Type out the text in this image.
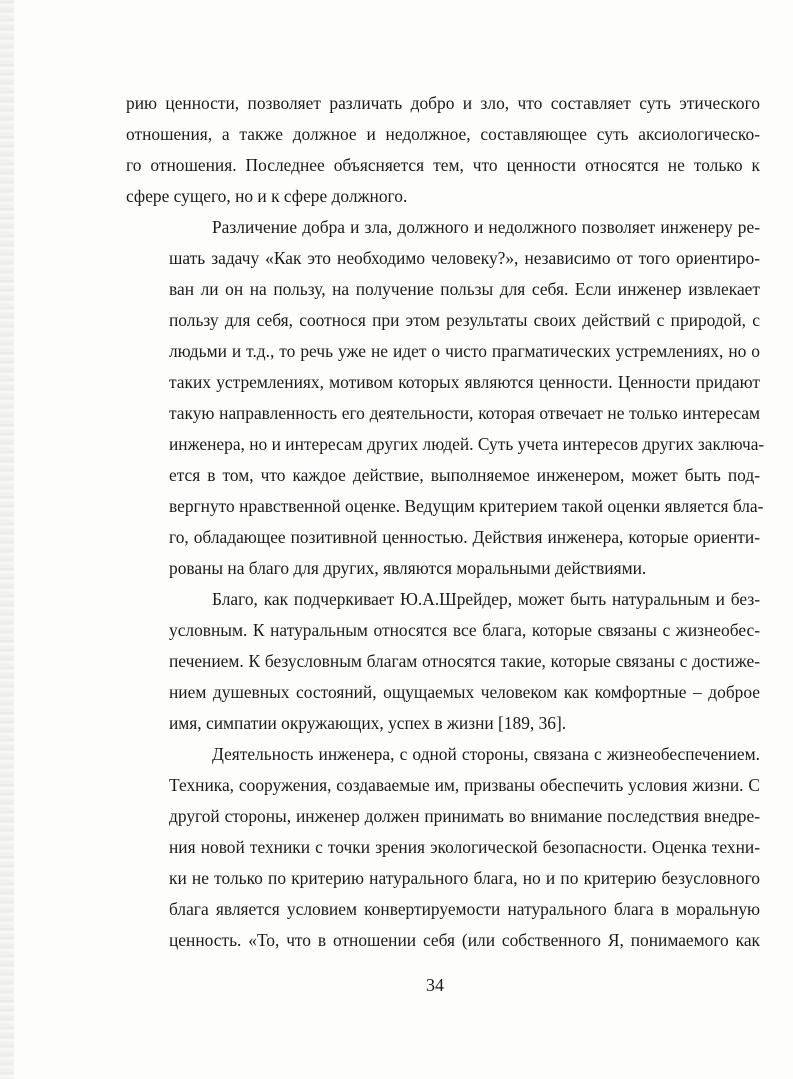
рию ценности, позволяет различать добро и зло, что составляет суть этического
отношения, а также должное и недолжное, составляющее суть аксиологическо-
го отношения. Последнее объясняется тем, что ценности относятся не только к
сфере сущего, но и к сфере должного.
Различение добра и зла, должного и недолжного позволяет инженеру ре-
шать задачу «Как это необходимо человеку?», независимо от того ориентиро-
ван ли он на пользу, на получение пользы для себя. Если инженер извлекает
пользу для себя, соотнося при этом результаты своих действий с природой, с
людьми и т.д., то речь уже не идет о чисто прагматических устремлениях, но о
таких устремлениях, мотивом которых являются ценности. Ценности придают
такую направленность его деятельности, которая отвечает не только интересам
инженера, но и интересам других людей. Суть учета интересов других заключа-
ется в том, что каждое действие, выполняемое инженером, может быть под-
вергнуто нравственной оценке. Ведущим критерием такой оценки является бла-
го, обладающее позитивной ценностью. Действия инженера, которые ориенти-
рованы на благо для других, являются моральными действиями.
Благо, как подчеркивает Ю.А.Шрейдер, может быть натуральным и без-
условным. К натуральным относятся все блага, которые связаны с жизнеобес-
печением. К безусловным благам относятся такие, которые связаны с достиже-
нием душевных состояний, ощущаемых человеком как комфортные – доброе
имя, симпатии окружающих, успех в жизни [189, 36].
Деятельность инженера, с одной стороны, связана с жизнеобеспечением.
Техника, сооружения, создаваемые им, призваны обеспечить условия жизни. С
другой стороны, инженер должен принимать во внимание последствия внедре-
ния новой техники с точки зрения экологической безопасности. Оценка техни-
ки не только по критерию натурального блага, но и по критерию безусловного
блага является условием конвертируемости натурального блага в моральную
ценность. «То, что в отношении себя (или собственного Я, понимаемого как
34
